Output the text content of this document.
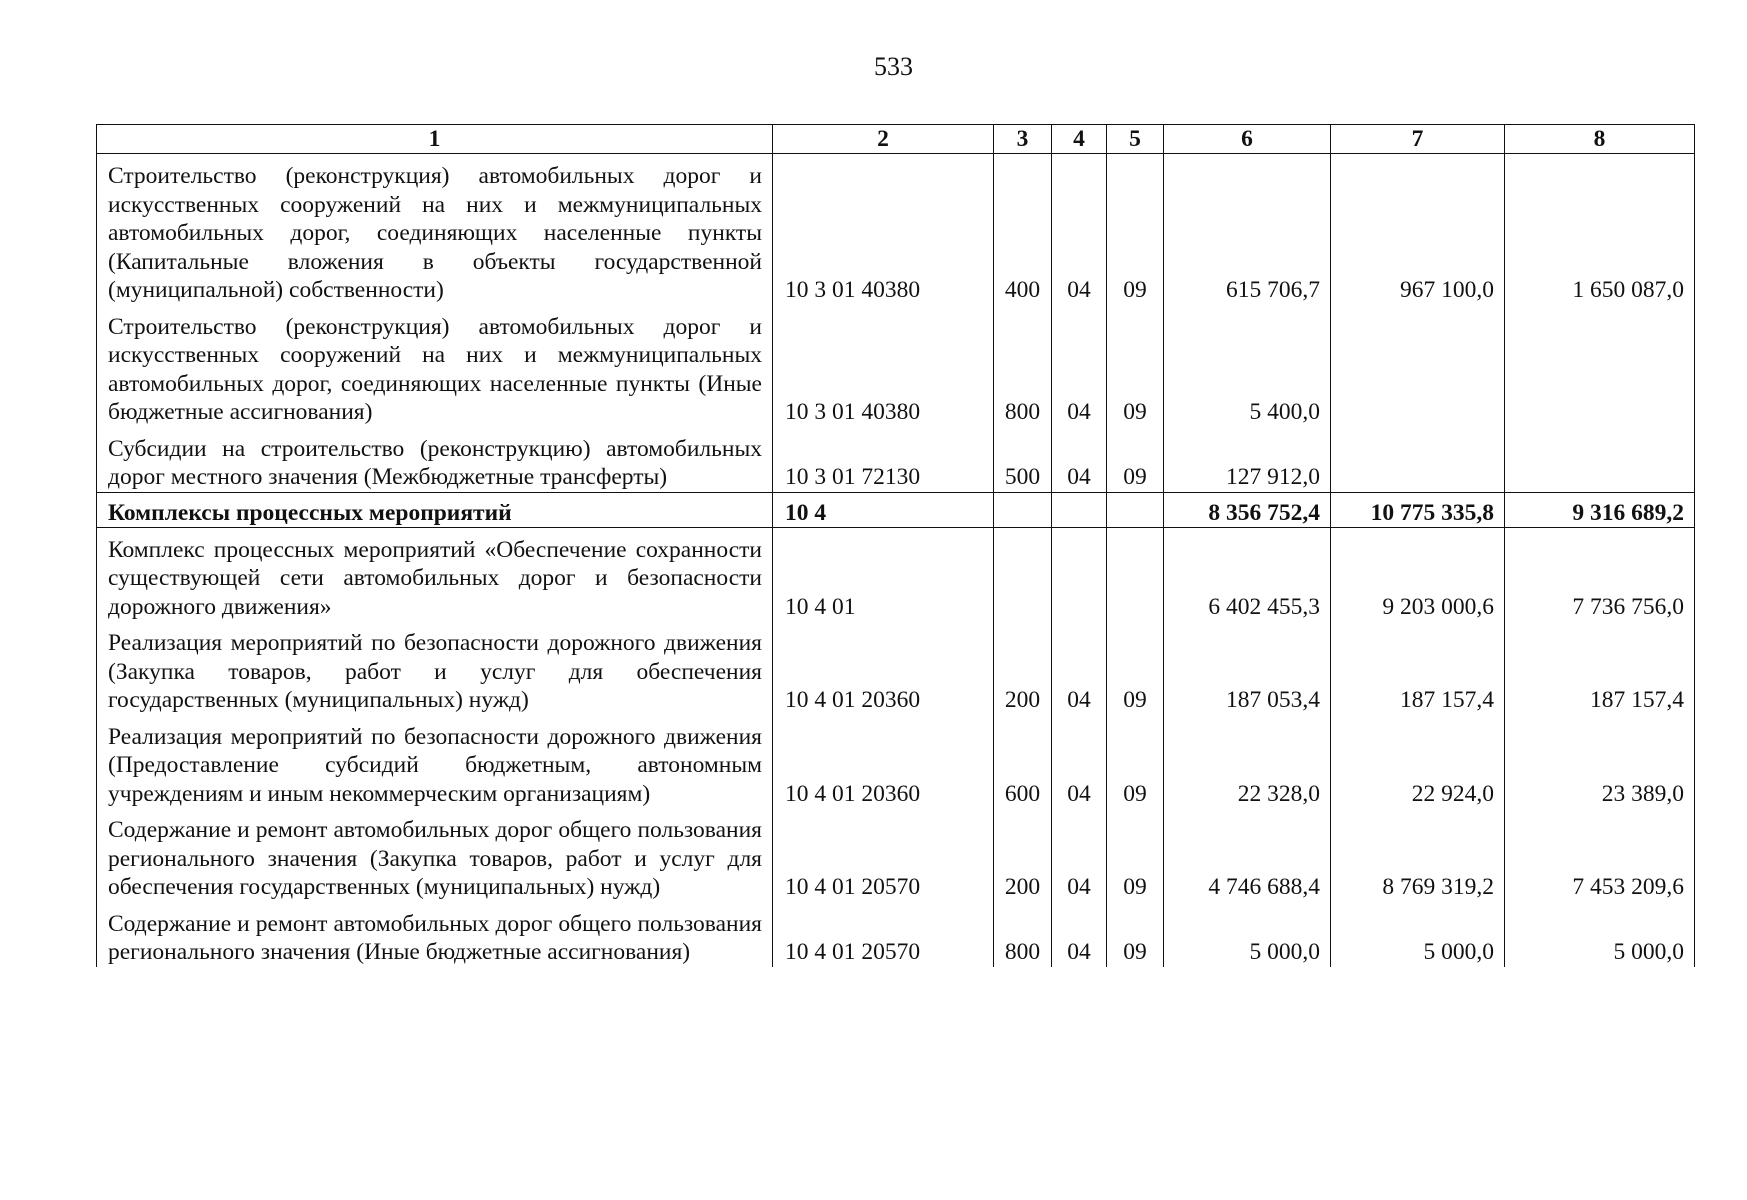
533
1	2	3	4	5	6	7	8
Строительство (реконструкция) автомобильных дорог и искусственных сооружений на них и межмуниципальных автомобильных дорог, соединяющих населенные пункты (Капитальные вложения в объекты государственной (муниципальной) собственности)	10 3 01 40380	400	04	09	615 706,7	967 100,0	1 650 087,0
Строительство (реконструкция) автомобильных дорог и искусственных сооружений на них и межмуниципальных автомобильных дорог, соединяющих населенные пункты (Иные бюджетные ассигнования)	10 3 01 40380	800	04	09	5 400,0		
Субсидии на строительство (реконструкцию) автомобильных дорог местного значения (Межбюджетные трансферты)	10 3 01 72130	500	04	09	127 912,0		
Комплексы процессных мероприятий	10 4				8 356 752,4	10 775 335,8	9 316 689,2
Комплекс процессных мероприятий «Обеспечение сохранности существующей сети автомобильных дорог и безопасности дорожного движения»	10 4 01				6 402 455,3	9 203 000,6	7 736 756,0
Реализация мероприятий по безопасности дорожного движения (Закупка товаров, работ и услуг для обеспечения государственных (муниципальных) нужд)	10 4 01 20360	200	04	09	187 053,4	187 157,4	187 157,4
Реализация мероприятий по безопасности дорожного движения (Предоставление субсидий бюджетным, автономным учреждениям и иным некоммерческим организациям)	10 4 01 20360	600	04	09	22 328,0	22 924,0	23 389,0
Содержание и ремонт автомобильных дорог общего пользования регионального значения (Закупка товаров, работ и услуг для обеспечения государственных (муниципальных) нужд)	10 4 01 20570	200	04	09	4 746 688,4	8 769 319,2	7 453 209,6
Содержание и ремонт автомобильных дорог общего пользования регионального значения (Иные бюджетные ассигнования)	10 4 01 20570	800	04	09	5 000,0	5 000,0	5 000,0
